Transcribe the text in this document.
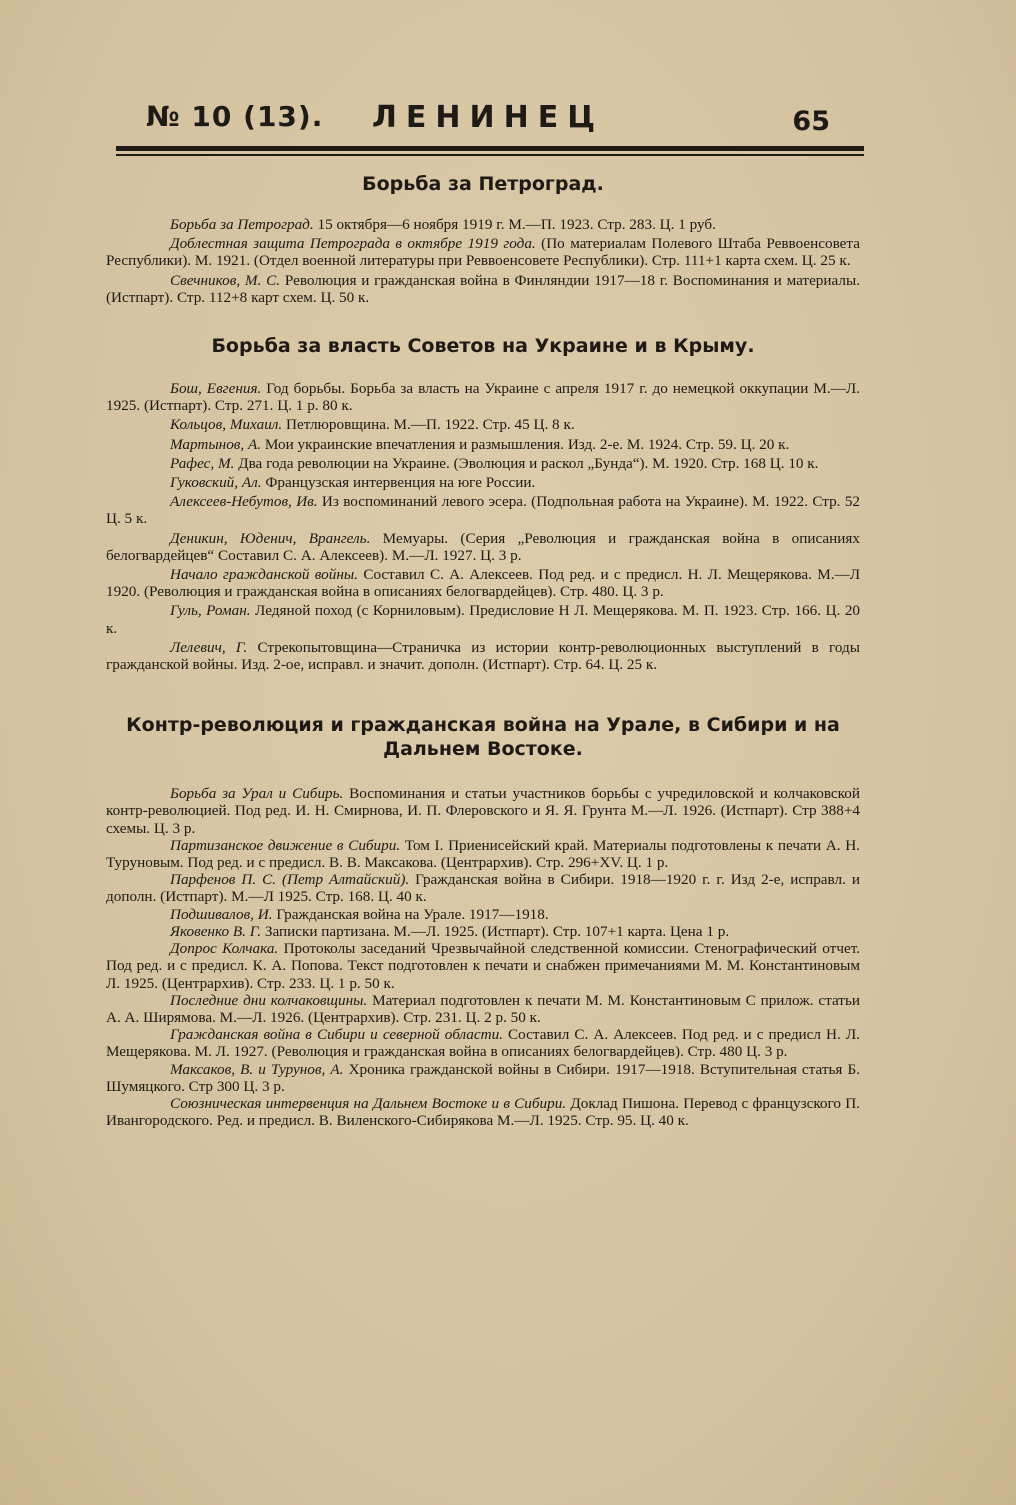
№ 10 (13). ЛЕНИНЕЦ	65
Борьба за Петроград.

Борьба за Петроград. 15 октября—6 ноября 1919 г. М.—П. 1923. Стр. 283. Ц. 1 руб.

Доблестная защита Петрограда в октябре 1919 года. (По материалам Полевого Штаба Реввоенсовета Республики). М. 1921. (Отдел военной литературы при Реввоенсовете Республики). Стр. 111+1 карта схем. Ц. 25 к.

Свечников, М. С. Революция и гражданская война в Финляндии 1917—18 г. Воспоминания и материалы. (Истпарт). Стр. 112+8 карт схем. Ц. 50 к.

Борьба за власть Советов на Украине и в Крыму.

Бош, Евгения. Год борьбы. Борьба за власть на Украине с апреля 1917 г. до немецкой оккупации М.—Л. 1925. (Истпарт). Стр. 271. Ц. 1 р. 80 к.

Кольцов, Михаил. Петлюровщина. М.—П. 1922. Стр. 45 Ц. 8 к.

Мартынов, А. Мои украинские впечатления и размышления. Изд. 2-е. М. 1924. Стр. 59. Ц. 20 к.

Рафес, М. Два года революции на Украине. (Эволюция и раскол „Бунда“). М. 1920. Стр. 168 Ц. 10 к.

Гуковский, Ал. Французская интервенция на юге России.

Алексеев-Небутов, Ив. Из воспоминаний левого эсера. (Подпольная работа на Украине). М. 1922. Стр. 52 Ц. 5 к.

Деникин, Юденич, Врангель. Мемуары. (Серия „Революция и гражданская война в описаниях белогвардейцев“ Составил С. А. Алексеев). М.—Л. 1927. Ц. 3 р.

Начало гражданской войны. Составил С. А. Алексеев. Под ред. и с предисл. Н. Л. Мещерякова. М.—Л 1920. (Революция и гражданская война в описаниях белогвардейцев). Стр. 480. Ц. 3 р.

Гуль, Роман. Ледяной поход (с Корниловым). Предисловие Н Л. Мещерякова. М. П. 1923. Стр. 166. Ц. 20 к.

Лелевич, Г. Стрекопытовщина—Страничка из истории контр-революционных выступлений в годы гражданской войны. Изд. 2-ое, исправл. и значит. дополн. (Истпарт). Стр. 64. Ц. 25 к.

Контр-революция и гражданская война на Урале, в Сибири и на Дальнем Востоке.

Борьба за Урал и Сибирь. Воспоминания и статьи участников борьбы с учредиловской и колчаковской контр-революцией. Под ред. И. Н. Смирнова, И. П. Флеровского и Я. Я. Грунта М.—Л. 1926. (Истпарт). Стр 388+4 схемы. Ц. 3 р.

Партизанское движение в Сибири. Том I. Приенисейский край. Материалы подготовлены к печати А. Н. Туруновым. Под ред. и с предисл. В. В. Максакова. (Центрархив). Стр. 296+XV. Ц. 1 р.

Парфенов П. С. (Петр Алтайский). Гражданская война в Сибири. 1918—1920 г. г. Изд 2-е, исправл. и дополн. (Истпарт). М.—Л 1925. Стр. 168. Ц. 40 к.

Подшивалов, И. Гражданская война на Урале. 1917—1918.

Яковенко В. Г. Записки партизана. М.—Л. 1925. (Истпарт). Стр. 107+1 карта. Цена 1 р.

Допрос Колчака. Протоколы заседаний Чрезвычайной следственной комиссии. Стенографический отчет. Под ред. и с предисл. К. А. Попова. Текст подготовлен к печати и снабжен примечаниями М. М. Константиновым Л. 1925. (Центрархив). Стр. 233. Ц. 1 р. 50 к.

Последние дни колчаковщины. Материал подготовлен к печати М. М. Константиновым С прилож. статьи А. А. Ширямова. М.—Л. 1926. (Центрархив). Стр. 231. Ц. 2 р. 50 к.

Гражданская война в Сибири и северной области. Составил С. А. Алексеев. Под ред. и с предисл Н. Л. Мещерякова. М. Л. 1927. (Революция и гражданская война в описаниях белогвардейцев). Стр. 480 Ц. 3 р.

Максаков, В. и Турунов, А. Хроника гражданской войны в Сибири. 1917—1918. Вступительная статья Б. Шумяцкого. Стр 300 Ц. 3 р.

Союзническая интервенция на Дальнем Востоке и в Сибири. Доклад Пишона. Перевод с французского П. Ивангородского. Ред. и предисл. В. Виленского-Сибирякова М.—Л. 1925. Стр. 95. Ц. 40 к.
